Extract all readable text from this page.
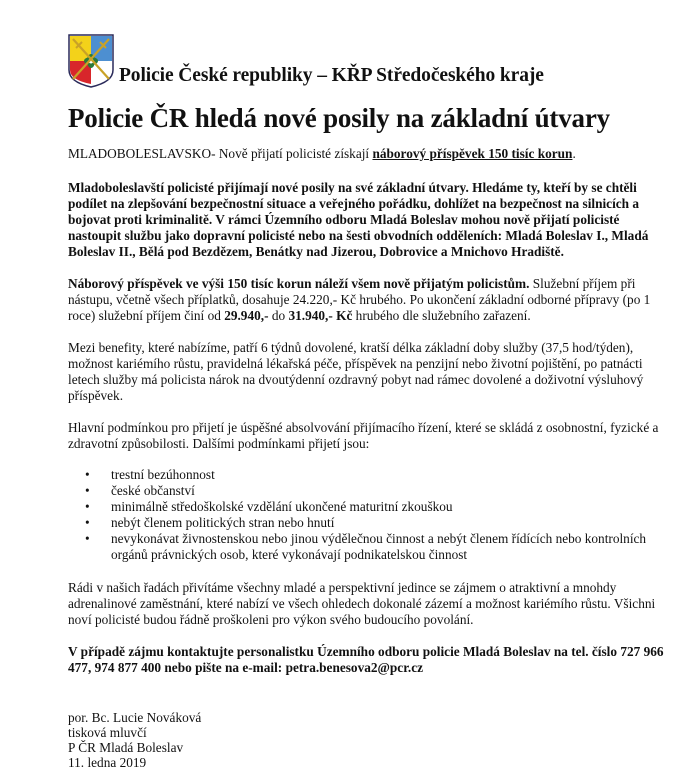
Policie České republiky – KŘP Středočeského kraje
Policie ČR hledá nové posily na základní útvary

MLADOBOLESLAVSKO- Nově přijatí policisté získají náborový příspěvek 150 tisíc korun.

Mladoboleslavští policisté přijímají nové posily na své základní útvary. Hledáme ty, kteří by se chtěli podílet na zlepšování bezpečnostní situace a veřejného pořádku, dohlížet na bezpečnost na silnicích a bojovat proti kriminalitě. V rámci Územního odboru Mladá Boleslav mohou nově přijatí policisté nastoupit službu jako dopravní policisté nebo na šesti obvodních odděleních: Mladá Boleslav I., Mladá Boleslav II., Bělá pod Bezdězem, Benátky nad Jizerou, Dobrovice a Mnichovo Hradiště.

Náborový příspěvek ve výši 150 tisíc korun náleží všem nově přijatým policistům. Služební příjem při nástupu, včetně všech příplatků, dosahuje 24.220,- Kč hrubého. Po ukončení základní odborné přípravy (po 1 roce) služební příjem činí od 29.940,- do 31.940,- Kč hrubého dle služebního zařazení.

Mezi benefity, které nabízíme, patří 6 týdnů dovolené, kratší délka základní doby služby (37,5 hod/týden), možnost kariémího růstu, pravidelná lékařská péče, příspěvek na penzijní nebo životní pojištění, po patnácti letech služby má policista nárok na dvoutýdenní ozdravný pobyt nad rámec dovolené a doživotní výsluhový příspěvek.

Hlavní podmínkou pro přijetí je úspěšné absolvování přijímacího řízení, které se skládá z osobnostní, fyzické a zdravotní způsobilosti. Dalšími podmínkami přijetí jsou:

• trestní bezúhonnost
• české občanství
• minimálně středoškolské vzdělání ukončené maturitní zkouškou
• nebýt členem politických stran nebo hnutí
• nevykonávat živnostenskou nebo jinou výdělečnou činnost a nebýt členem řídících nebo kontrolních orgánů právnických osob, které vykonávají podnikatelskou činnost

Rádi v našich řadách přivítáme všechny mladé a perspektivní jedince se zájmem o atraktivní a mnohdy adrenalinové zaměstnání, které nabízí ve všech ohledech dokonalé zázemí a možnost kariémího růstu. Všichni noví policisté budou řádně proškoleni pro výkon svého budoucího povolání.

V případě zájmu kontaktujte personalistku Územního odboru policie Mladá Boleslav na tel. číslo 727 966 477, 974 877 400 nebo pište na e-mail: petra.benesova2@pcr.cz

por. Bc. Lucie Nováková
tisková mluvčí
P ČR Mladá Boleslav
11. ledna 2019
